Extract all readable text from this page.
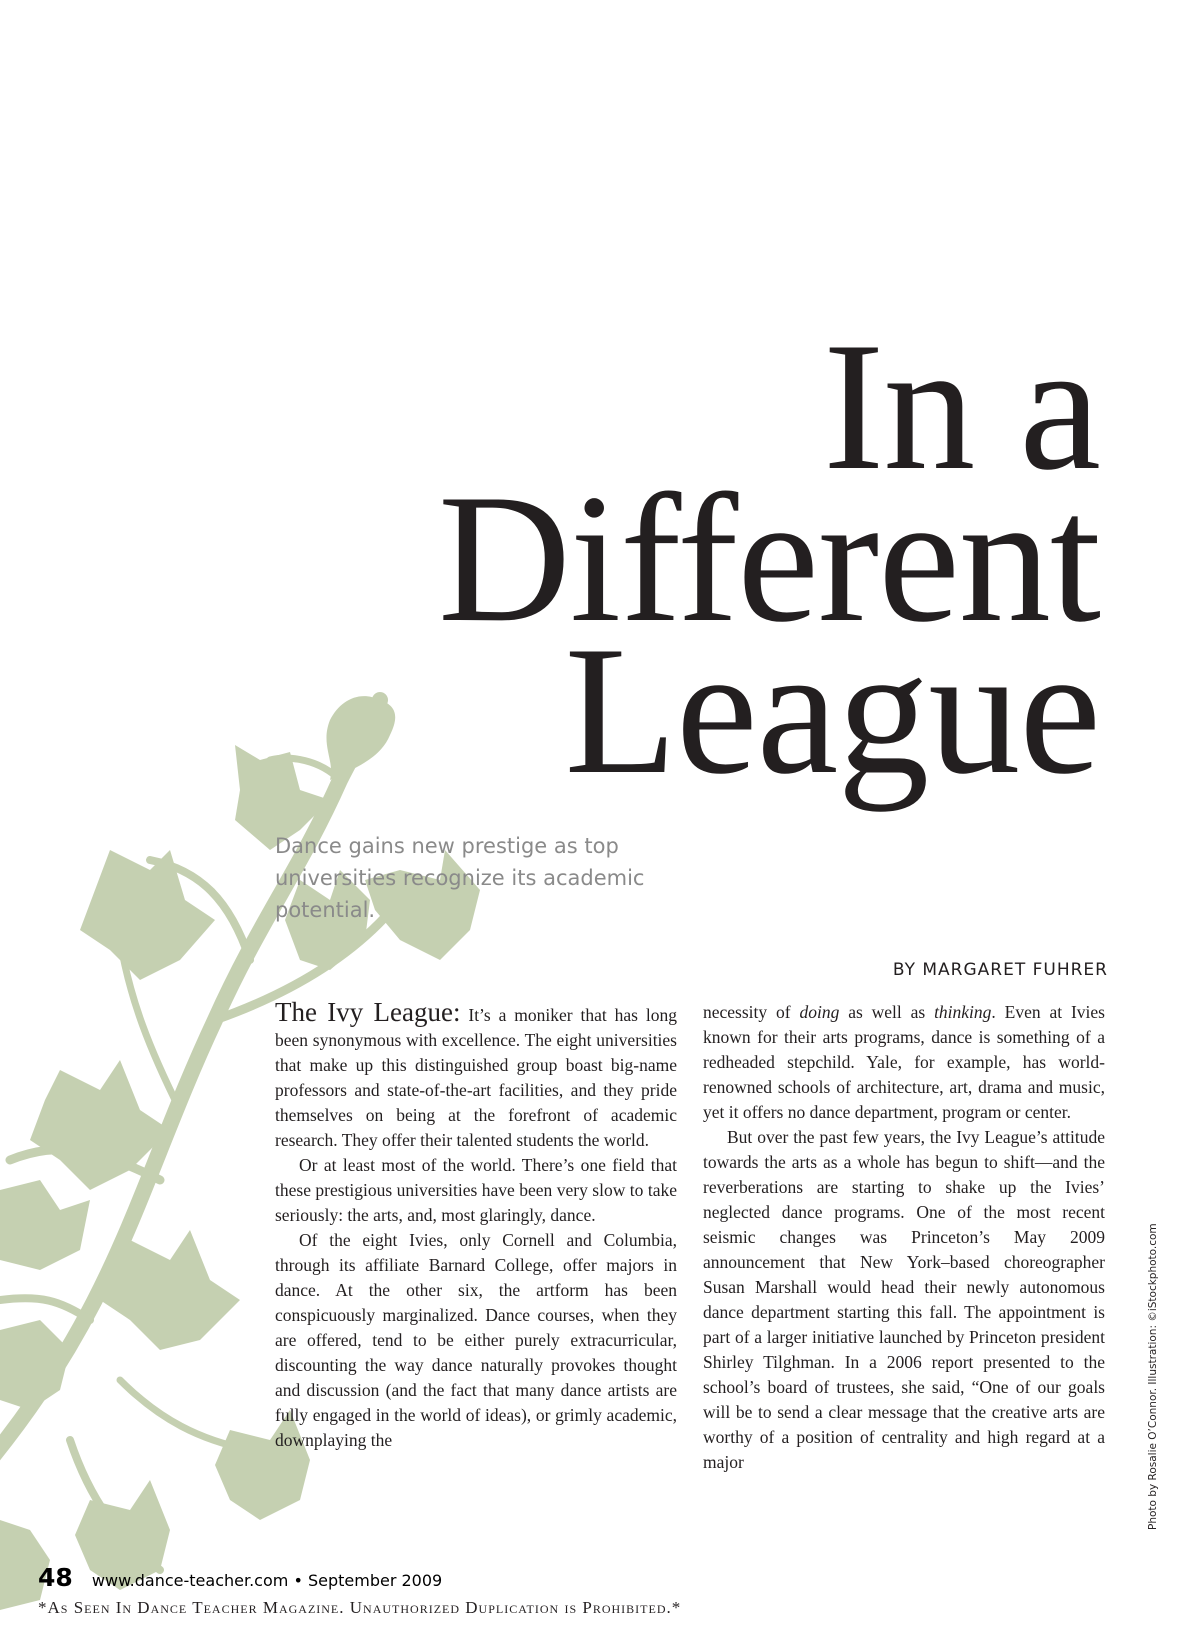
In a
Different
League

Dance gains new prestige as top universities recognize its academic potential.

BY MARGARET FUHRER

The Ivy League: It’s a moniker that has long been synonymous with excellence. The eight universities that make up this distinguished group boast big-name professors and state-of-the-art facilities, and they pride themselves on being at the forefront of academic research. They offer their talented students the world.

Or at least most of the world. There’s one field that these prestigious universities have been very slow to take seriously: the arts, and, most glaringly, dance.

Of the eight Ivies, only Cornell and Columbia, through its affiliate Barnard College, offer majors in dance. At the other six, the artform has been conspicuously marginalized. Dance courses, when they are offered, tend to be either purely extracurricular, discounting the way dance naturally provokes thought and discussion (and the fact that many dance artists are fully engaged in the world of ideas), or grimly academic, downplaying the

necessity of doing as well as thinking. Even at Ivies known for their arts programs, dance is something of a redheaded stepchild. Yale, for example, has world-renowned schools of architecture, art, drama and music, yet it offers no dance department, program or center.

But over the past few years, the Ivy League’s attitude towards the arts as a whole has begun to shift—and the reverberations are starting to shake up the Ivies’ neglected dance programs. One of the most recent seismic changes was Princeton’s May 2009 announcement that New York–based choreographer Susan Marshall would head their newly autonomous dance department starting this fall. The appointment is part of a larger initiative launched by Princeton president Shirley Tilghman. In a 2006 report presented to the school’s board of trustees, she said, “One of our goals will be to send a clear message that the creative arts are worthy of a position of centrality and high regard at a major	Photo by Rosalie O’Connor. Illustration: ©iStockphoto.com

48 www.dance-teacher.com • September 2009

*As Seen In Dance Teacher Magazine. Unauthorized Duplication is Prohibited.*
